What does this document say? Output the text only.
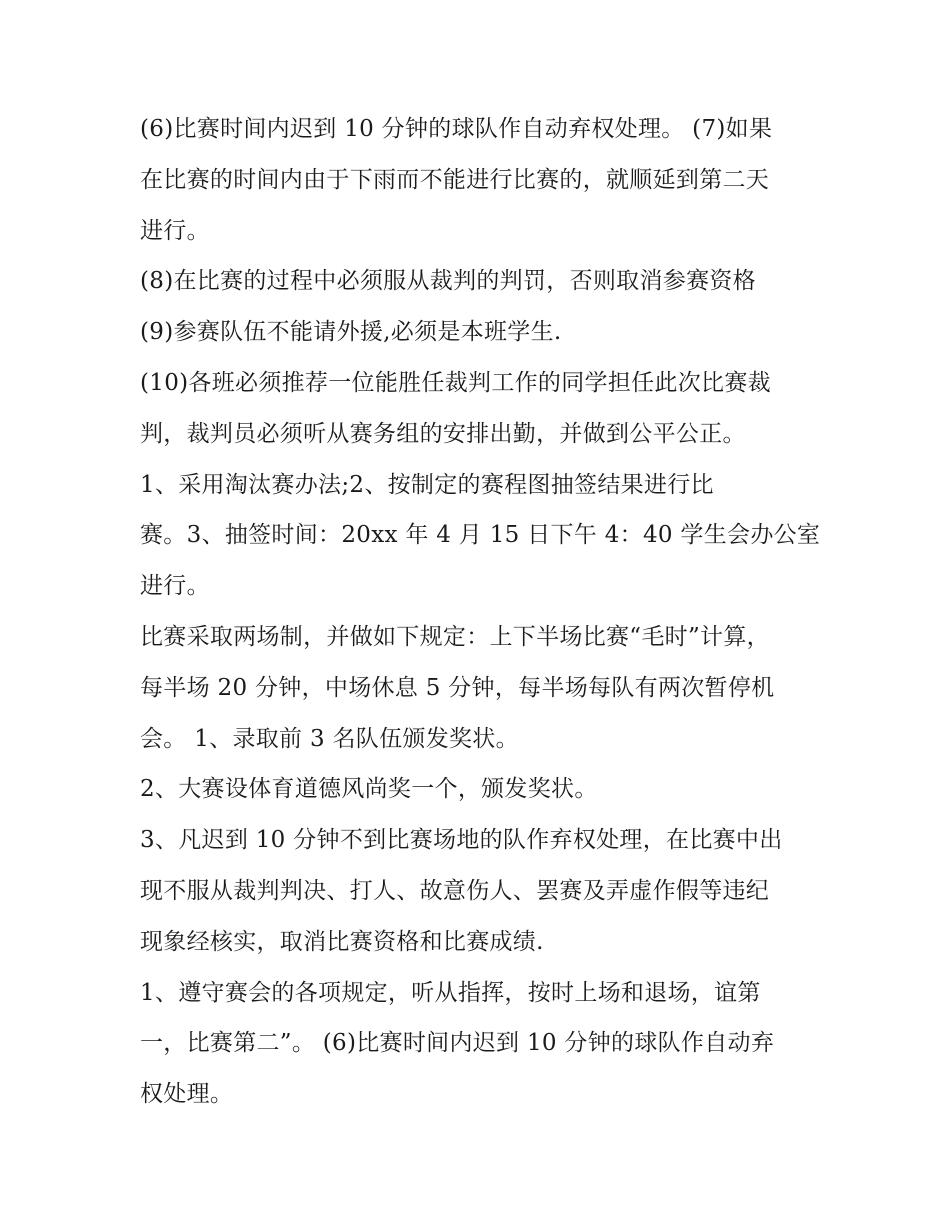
(6)比赛时间内迟到 10 分钟的球队作自动弃权处理。 (7)如果
在比赛的时间内由于下雨而不能进行比赛的，就顺延到第二天
进行。
(8)在比赛的过程中必须服从裁判的判罚，否则取消参赛资格
(9)参赛队伍不能请外援,必须是本班学生.
(10)各班必须推荐一位能胜任裁判工作的同学担任此次比赛裁
判，裁判员必须听从赛务组的安排出勤，并做到公平公正。
1、采用淘汰赛办法;2、按制定的赛程图抽签结果进行比
赛。3、抽签时间：20xx 年 4 月 15 日下午 4：40 学生会办公室
进行。
比赛采取两场制，并做如下规定：上下半场比赛“毛时”计算，
每半场 20 分钟，中场休息 5 分钟，每半场每队有两次暂停机
会。 1、录取前 3 名队伍颁发奖状。
2、大赛设体育道德风尚奖一个，颁发奖状。
3、凡迟到 10 分钟不到比赛场地的队作弃权处理，在比赛中出
现不服从裁判判决、打人、故意伤人、罢赛及弄虚作假等违纪
现象经核实，取消比赛资格和比赛成绩.
1、遵守赛会的各项规定，听从指挥，按时上场和退场，谊第
一，比赛第二”。 (6)比赛时间内迟到 10 分钟的球队作自动弃
权处理。
